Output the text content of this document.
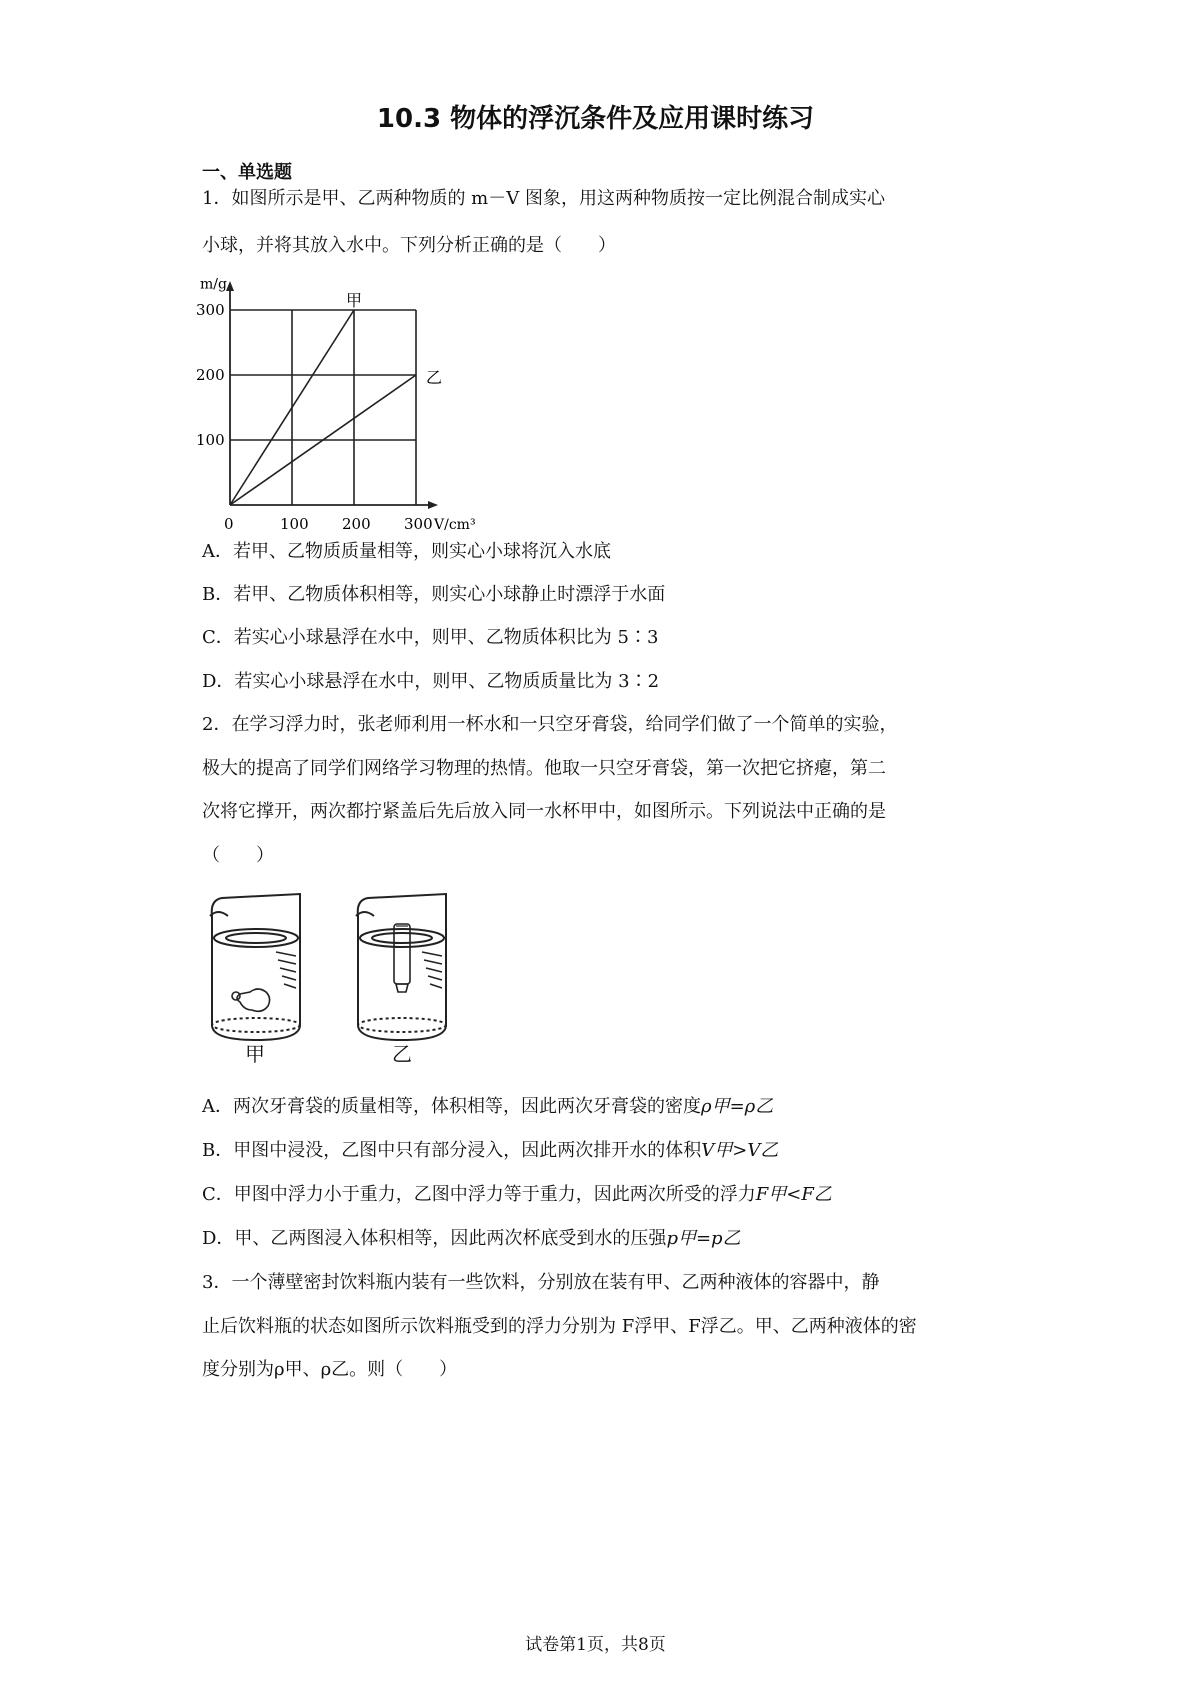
10.3 物体的浮沉条件及应用课时练习
一、单选题
1．如图所示是甲、乙两种物质的 m－V 图象，用这两种物质按一定比例混合制成实心
小球，并将其放入水中。下列分析正确的是（　　）
甲
乙
0	100 200 300
100
200
300
m/g
V/cm³
A．若甲、乙物质质量相等，则实心小球将沉入水底
B．若甲、乙物质体积相等，则实心小球静止时漂浮于水面
C．若实心小球悬浮在水中，则甲、乙物质体积比为 5∶3
D．若实心小球悬浮在水中，则甲、乙物质质量比为 3∶2
2．在学习浮力时，张老师利用一杯水和一只空牙膏袋，给同学们做了一个简单的实验，
极大的提高了同学们网络学习物理的热情。他取一只空牙膏袋，第一次把它挤瘪，第二
次将它撑开，两次都拧紧盖后先后放入同一水杯甲中，如图所示。下列说法中正确的是
（　　）
甲	乙
A．两次牙膏袋的质量相等，体积相等，因此两次牙膏袋的密度ρ甲=ρ乙
B．甲图中浸没，乙图中只有部分浸入，因此两次排开水的体积V甲>V乙
C．甲图中浮力小于重力，乙图中浮力等于重力，因此两次所受的浮力F甲<F乙
D．甲、乙两图浸入体积相等，因此两次杯底受到水的压强p甲=p乙
3．一个薄壁密封饮料瓶内装有一些饮料，分别放在装有甲、乙两种液体的容器中，静
止后饮料瓶的状态如图所示饮料瓶受到的浮力分别为 F浮甲、F浮乙。甲、乙两种液体的密
度分别为ρ甲、ρ乙。则（　　）
试卷第1页，共8页
